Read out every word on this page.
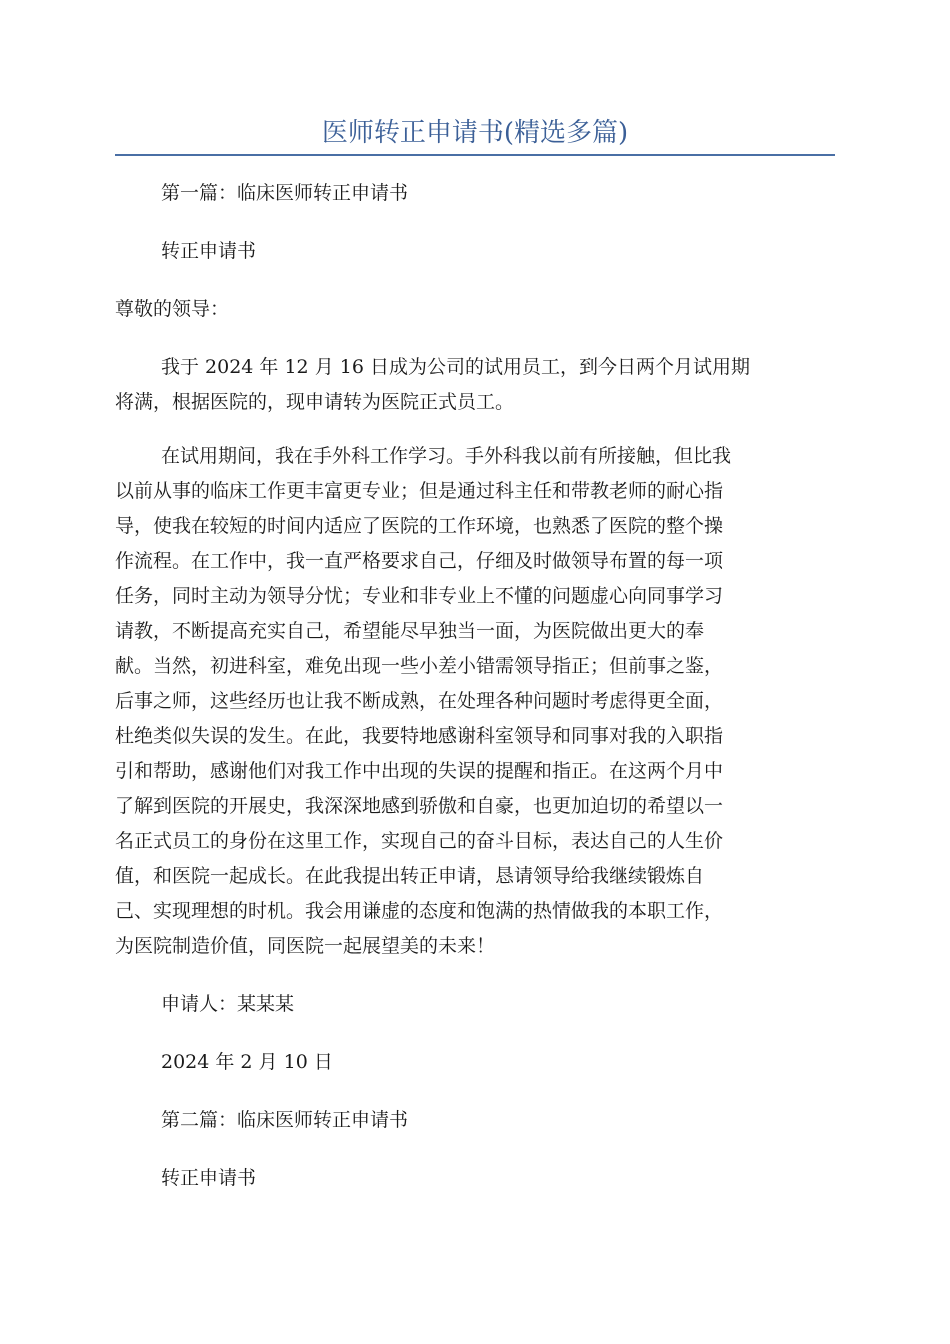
医师转正申请书(精选多篇)
第一篇：临床医师转正申请书
转正申请书
尊敬的领导：
我于 2024 年 12 月 16 日成为公司的试用员工，到今日两个月试用期
将满，根据医院的，现申请转为医院正式员工。
在试用期间，我在手外科工作学习。手外科我以前有所接触，但比我
以前从事的临床工作更丰富更专业；但是通过科主任和带教老师的耐心指
导，使我在较短的时间内适应了医院的工作环境，也熟悉了医院的整个操
作流程。在工作中，我一直严格要求自己，仔细及时做领导布置的每一项
任务，同时主动为领导分忧；专业和非专业上不懂的问题虚心向同事学习
请教，不断提高充实自己，希望能尽早独当一面，为医院做出更大的奉
献。当然，初进科室，难免出现一些小差小错需领导指正；但前事之鉴，
后事之师，这些经历也让我不断成熟，在处理各种问题时考虑得更全面，
杜绝类似失误的发生。在此，我要特地感谢科室领导和同事对我的入职指
引和帮助，感谢他们对我工作中出现的失误的提醒和指正。在这两个月中
了解到医院的开展史，我深深地感到骄傲和自豪，也更加迫切的希望以一
名正式员工的身份在这里工作，实现自己的奋斗目标，表达自己的人生价
值，和医院一起成长。在此我提出转正申请，恳请领导给我继续锻炼自
己、实现理想的时机。我会用谦虚的态度和饱满的热情做我的本职工作，
为医院制造价值，同医院一起展望美的未来！
申请人：某某某
2024 年 2 月 10 日
第二篇：临床医师转正申请书
转正申请书
